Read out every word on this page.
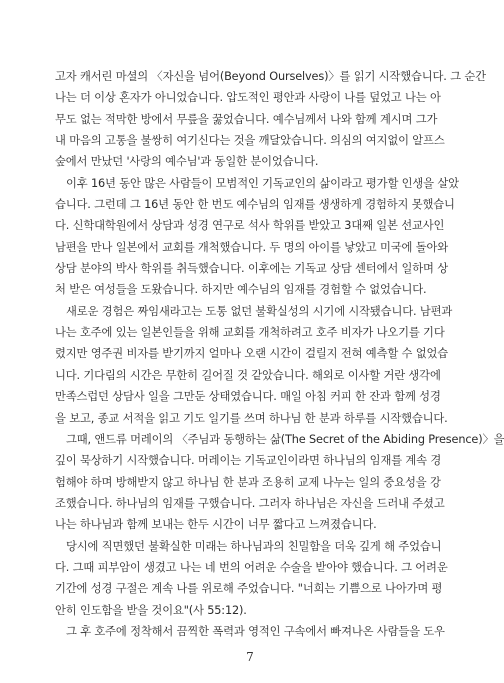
고자 캐서린 마셜의 〈자신을 넘어(Beyond Ourselves)〉를 읽기 시작했습니다. 그 순간
나는 더 이상 혼자가 아니었습니다. 압도적인 평안과 사랑이 나를 덮었고 나는 아
무도 없는 적막한 방에서 무릎을 꿇었습니다. 예수님께서 나와 함께 계시며 그가
내 마음의 고통을 불쌍히 여기신다는 것을 깨달았습니다. 의심의 여지없이 알프스
숲에서 만났던 '사랑의 예수님'과 동일한 분이었습니다.
이후 16년 동안 많은 사람들이 모범적인 기독교인의 삶이라고 평가할 인생을 살았
습니다. 그런데 그 16년 동안 한 번도 예수님의 임재를 생생하게 경험하지 못했습니
다. 신학대학원에서 상담과 성경 연구로 석사 학위를 받았고 3대째 일본 선교사인
남편을 만나 일본에서 교회를 개척했습니다. 두 명의 아이를 낳았고 미국에 돌아와
상담 분야의 박사 학위를 취득했습니다. 이후에는 기독교 상담 센터에서 일하며 상
처 받은 여성들을 도왔습니다. 하지만 예수님의 임재를 경험할 수 없었습니다.
새로운 경험은 짜임새라고는 도통 없던 불확실성의 시기에 시작됐습니다. 남편과
나는 호주에 있는 일본인들을 위해 교회를 개척하려고 호주 비자가 나오기를 기다
렸지만 영주권 비자를 받기까지 얼마나 오랜 시간이 걸릴지 전혀 예측할 수 없었습
니다. 기다림의 시간은 무한히 길어질 것 같았습니다. 해외로 이사할 거란 생각에
만족스럽던 상담사 일을 그만둔 상태였습니다. 매일 아침 커피 한 잔과 함께 성경
을 보고, 종교 서적을 읽고 기도 일기를 쓰며 하나님 한 분과 하루를 시작했습니다.
그때, 앤드류 머레이의 〈주님과 동행하는 삶(The Secret of the Abiding Presence)〉을
깊이 묵상하기 시작했습니다. 머레이는 기독교인이라면 하나님의 임재를 계속 경
험해야 하며 방해받지 않고 하나님 한 분과 조용히 교제 나누는 일의 중요성을 강
조했습니다. 하나님의 임재를 구했습니다. 그러자 하나님은 자신을 드러내 주셨고
나는 하나님과 함께 보내는 한두 시간이 너무 짧다고 느껴졌습니다.
당시에 직면했던 불확실한 미래는 하나님과의 친밀함을 더욱 깊게 해 주었습니
다. 그때 피부암이 생겼고 나는 네 번의 어려운 수술을 받아야 했습니다. 그 어려운
기간에 성경 구절은 계속 나를 위로해 주었습니다. "너희는 기쁨으로 나아가며 평
안히 인도함을 받을 것이요"(사 55:12).
그 후 호주에 정착해서 끔찍한 폭력과 영적인 구속에서 빠져나온 사람들을 도우
7
